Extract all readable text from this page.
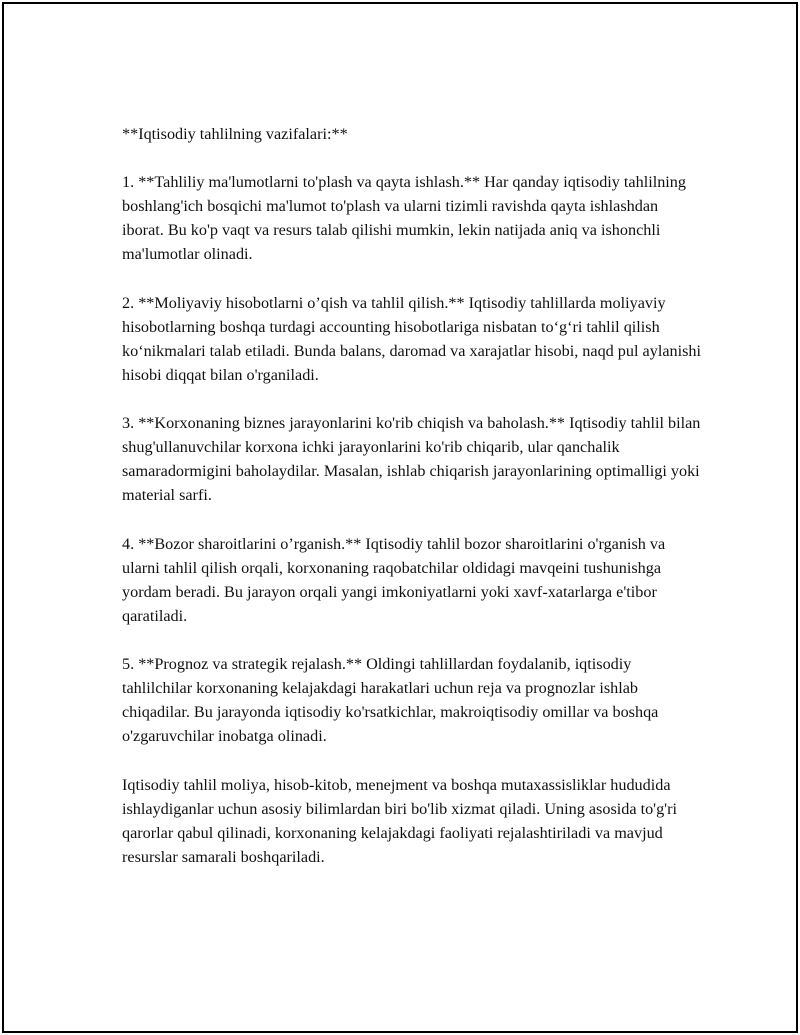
**Iqtisodiy tahlilning vazifalari:**

1. **Tahliliy ma'lumotlarni to'plash va qayta ishlash.** Har qanday iqtisodiy tahlilning boshlang'ich bosqichi ma'lumot to'plash va ularni tizimli ravishda qayta ishlashdan iborat. Bu ko'p vaqt va resurs talab qilishi mumkin, lekin natijada aniq va ishonchli ma'lumotlar olinadi.

2. **Moliyaviy hisobotlarni o’qish va tahlil qilish.** Iqtisodiy tahlillarda moliyaviy hisobotlarning boshqa turdagi accounting hisobotlariga nisbatan to‘g‘ri tahlil qilish ko‘nikmalari talab etiladi. Bunda balans, daromad va xarajatlar hisobi, naqd pul aylanishi hisobi diqqat bilan o'rganiladi.

3. **Korxonaning biznes jarayonlarini ko'rib chiqish va baholash.** Iqtisodiy tahlil bilan shug'ullanuvchilar korxona ichki jarayonlarini ko'rib chiqarib, ular qanchalik samaradormigini baholaydilar. Masalan, ishlab chiqarish jarayonlarining optimalligi yoki material sarfi.

4. **Bozor sharoitlarini o’rganish.** Iqtisodiy tahlil bozor sharoitlarini o'rganish va ularni tahlil qilish orqali, korxonaning raqobatchilar oldidagi mavqeini tushunishga yordam beradi. Bu jarayon orqali yangi imkoniyatlarni yoki xavf-xatarlarga e'tibor qaratiladi.

5. **Prognoz va strategik rejalash.** Oldingi tahlillardan foydalanib, iqtisodiy tahlilchilar korxonaning kelajakdagi harakatlari uchun reja va prognozlar ishlab chiqadilar. Bu jarayonda iqtisodiy ko'rsatkichlar, makroiqtisodiy omillar va boshqa o'zgaruvchilar inobatga olinadi.

Iqtisodiy tahlil moliya, hisob-kitob, menejment va boshqa mutaxassisliklar hududida ishlaydiganlar uchun asosiy bilimlardan biri bo'lib xizmat qiladi. Uning asosida to'g'ri qarorlar qabul qilinadi, korxonaning kelajakdagi faoliyati rejalashtiriladi va mavjud resurslar samarali boshqariladi.
